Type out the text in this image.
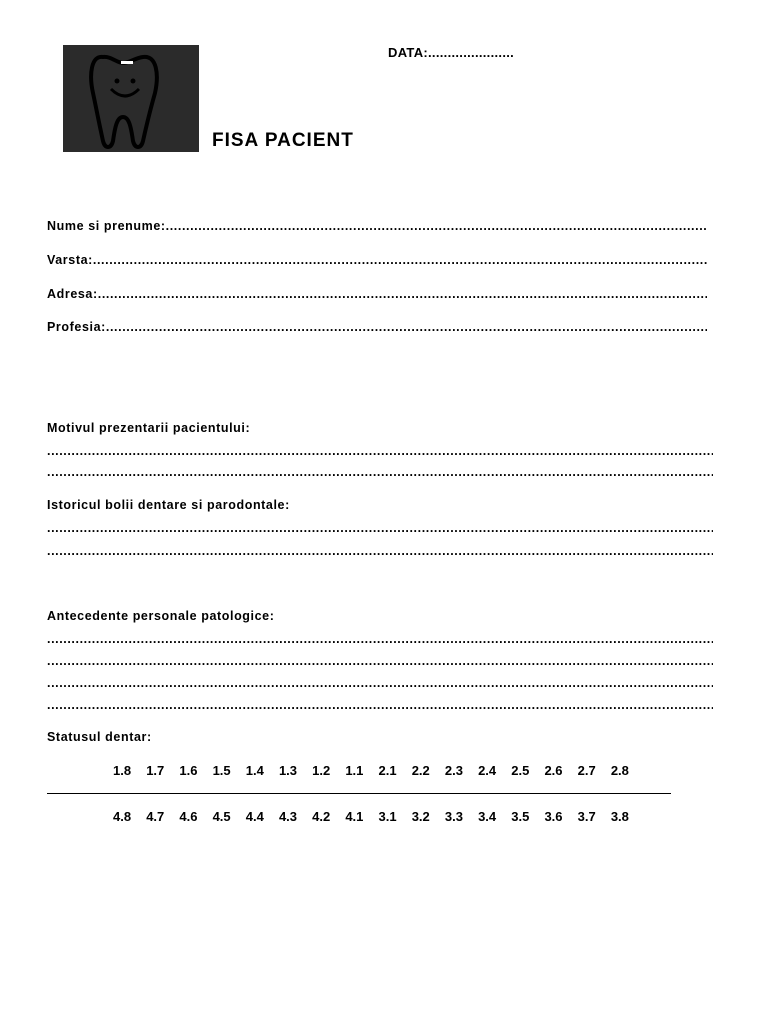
DATA:......................
FISA PACIENT
Nume si prenume:
.....
Varsta:
.....
Adresa:
.....
Profesia:
.....
Motivul prezentarii pacientului:
.....
.....
Istoricul bolii dentare si parodontale:
.....
.....
Antecedente personale patologice:
.....
.....
.....
.....
Statusul dentar:
1.8	1.7	1.6	1.5	1.4	1.3	1.2	1.1	2.1	2.2	2.3	2.4	2.5	2.6	2.7	2.8
4.8	4.7	4.6	4.5	4.4	4.3	4.2	4.1	3.1	3.2	3.3	3.4	3.5	3.6	3.7	3.8
